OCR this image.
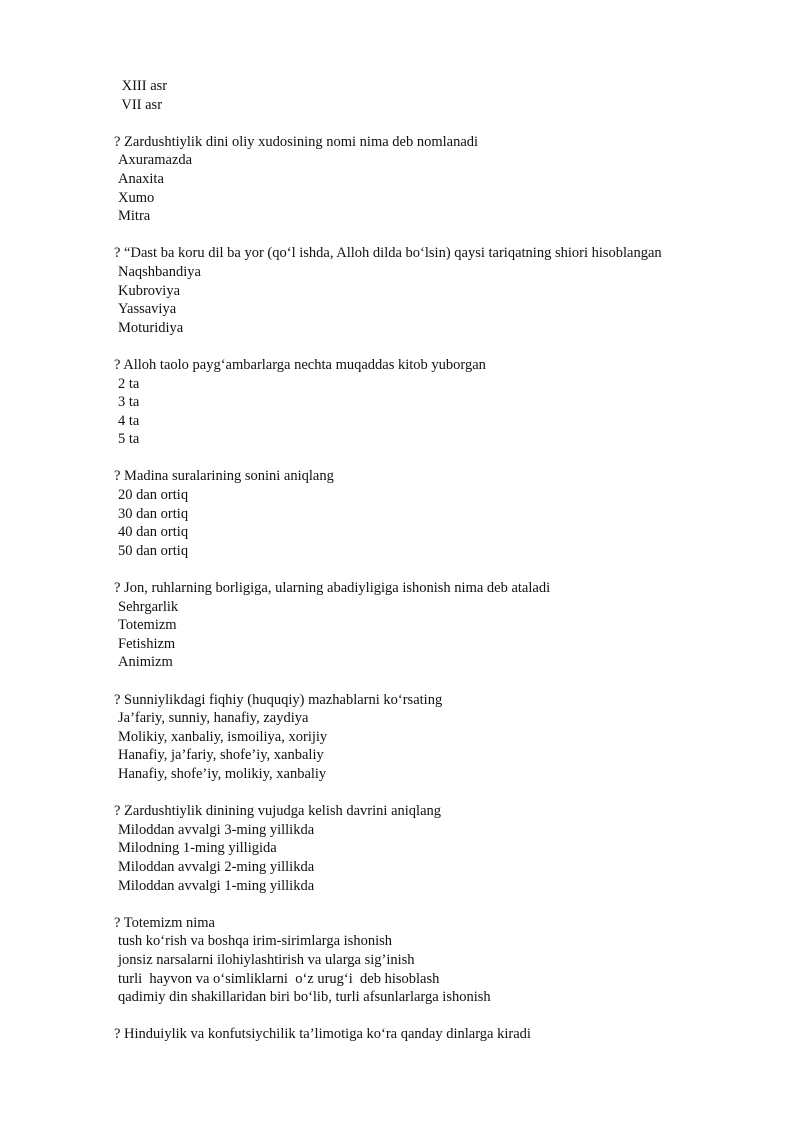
XIII asr
VII asr
? Zardushtiylik dini oliy xudosining nomi nima deb nomlanadi
Axuramazda
Anaxita
Xumo
Mitra
? “Dast ba koru dil ba yor (qo‘l ishda, Alloh dilda bo‘lsin) qaysi tariqatning shiori hisoblangan
Naqshbandiya
Kubroviya
Yassaviya
Moturidiya
? Alloh taolo payg‘ambarlarga nechta muqaddas kitob yuborgan
2 ta
3 ta
4 ta
5 ta
? Madina suralarining sonini aniqlang
20 dan ortiq
30 dan ortiq
40 dan ortiq
50 dan ortiq
? Jon, ruhlarning borligiga, ularning abadiyligiga ishonish nima deb ataladi
Sehrgarlik
Totemizm
Fetishizm
Animizm
? Sunniylikdagi fiqhiy (huquqiy) mazhablarni ko‘rsating
Ja’fariy, sunniy, hanafiy, zaydiya
Molikiy, xanbaliy, ismoiliya, xorijiy
Hanafiy, ja’fariy, shofe’iy, xanbaliy
Hanafiy, shofe’iy, molikiy, xanbaliy
? Zardushtiylik dinining vujudga kelish davrini aniqlang
Miloddan avvalgi 3-ming yillikda
Milodning 1-ming yilligida
Miloddan avvalgi 2-ming yillikda
Miloddan avvalgi 1-ming yillikda
? Totemizm nima
tush ko‘rish va boshqa irim-sirimlarga ishonish
jonsiz narsalarni ilohiylashtirish va ularga sig’inish
turli  hayvon va o‘simliklarni  o‘z urug‘i  deb hisoblash
qadimiy din shakillaridan biri bo‘lib, turli afsunlarlarga ishonish
? Hinduiylik va konfutsiychilik ta’limotiga ko‘ra qanday dinlarga kiradi
